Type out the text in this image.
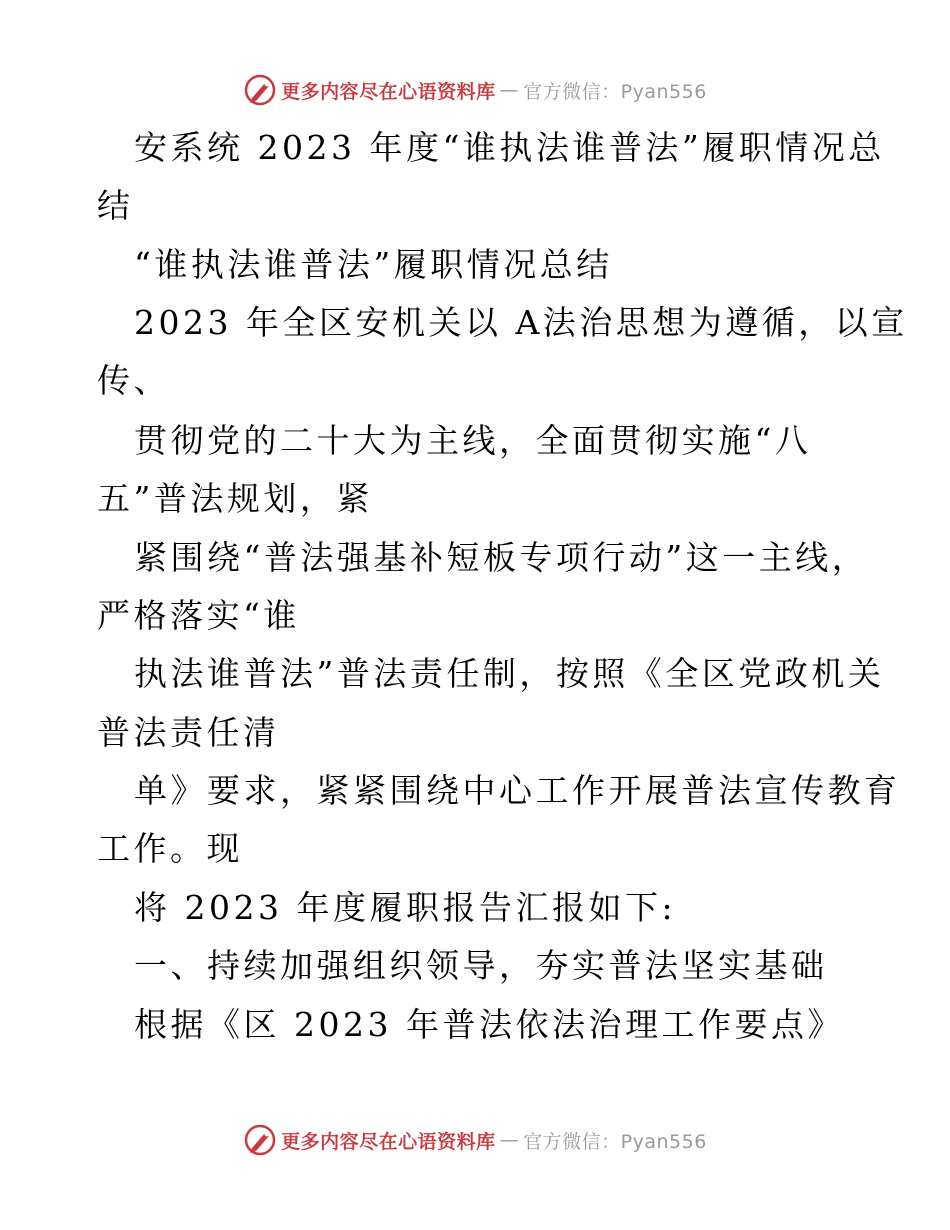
更多内容尽在心语资料库 — 官方微信：Pyan556
安系统 2023 年度“谁执法谁普法”履职情况总
结
“谁执法谁普法”履职情况总结
2023 年全区安机关以 A法治思想为遵循，以宣
传、
贯彻党的二十大为主线，全面贯彻实施“八
五”普法规划，紧
紧围绕“普法强基补短板专项行动”这一主线，
严格落实“谁
执法谁普法”普法责任制，按照《全区党政机关
普法责任清
单》要求，紧紧围绕中心工作开展普法宣传教育
工作。现
将 2023 年度履职报告汇报如下:
一、持续加强组织领导，夯实普法坚实基础
根据《区 2023 年普法依法治理工作要点》
更多内容尽在心语资料库 — 官方微信：Pyan556
